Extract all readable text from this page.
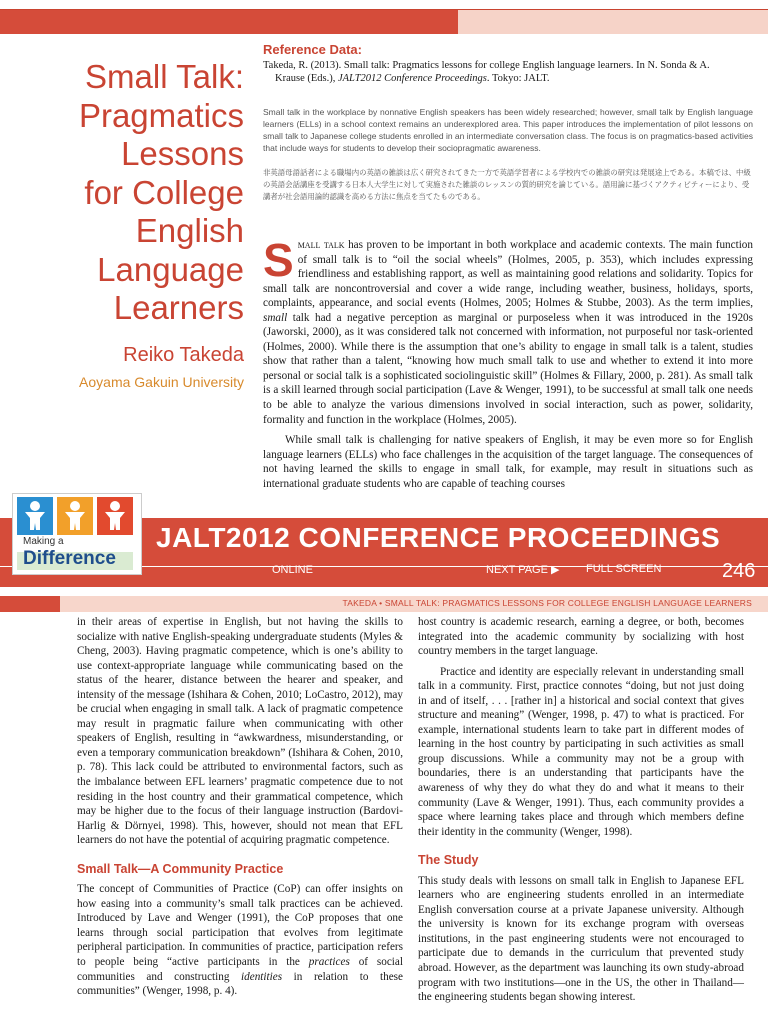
Small Talk:
Pragmatics
Lessons
for College
English
Language
Learners
Reiko Takeda
Aoyama Gakuin University
Reference Data:
Takeda, R. (2013). Small talk: Pragmatics lessons for college English language learners. In N. Sonda & A.
Krause (Eds.), JALT2012 Conference Proceedings. Tokyo: JALT.
Small talk in the workplace by nonnative English speakers has been widely researched; however, small talk by English language learners (ELLs) in a school context remains an underexplored area. This paper introduces the implementation of pilot lessons on small talk to Japanese college students enrolled in an intermediate conversation class. The focus is on pragmatics-based activities that include ways for students to develop their sociopragmatic awareness.
非英語母語話者による職場内の英語の雑談は広く研究されてきた一方で英語学習者による学校内での雑談の研究は発展途上である。本稿では、中級の英語会話講座を受講する日本人大学生に対して実施された雑談のレッスンの質的研究を論じている。語用論に基づくアクティビティーにより、受講者が社会語用論的認識を高める方法に焦点を当てたものである。

Small talk has proven to be important in both workplace and academic contexts. The main function of small talk is to “oil the social wheels” (Holmes, 2005, p. 353), which includes expressing friendliness and establishing rapport, as well as maintaining good relations and solidarity. Topics for small talk are noncontroversial and cover a wide range, including weather, business, holidays, sports, complaints, appearance, and social events (Holmes, 2005; Holmes & Stubbe, 2003). As the term implies, small talk had a negative perception as marginal or purposeless when it was introduced in the 1920s (Jaworski, 2000), as it was considered talk not concerned with information, not purposeful nor task-oriented (Holmes, 2000). While there is the assumption that one’s ability to engage in small talk is a talent, studies show that rather than a talent, “knowing how much small talk to use and whether to extend it into more personal or social talk is a sophisticated sociolinguistic skill” (Holmes & Fillary, 2000, p. 281). As small talk is a skill learned through social participation (Lave & Wenger, 1991), to be successful at small talk one needs to be able to analyze the various dimensions involved in social interaction, such as power, solidarity, formality and function in the workplace (Holmes, 2005).

While small talk is challenging for native speakers of English, it may be even more so for English language learners (ELLs) who face challenges in the acquisition of the target language. The consequences of not having learned the skills to engage in small talk, for example, may result in situations such as international graduate students who are capable of teaching courses

Making a
Difference
JALT2012 CONFERENCE PROCEEDINGS
ONLINE	NEXT PAGE ▶ FULL SCREEN	246
TAKEDA • SMALL TALK: PRAGMATICS LESSONS FOR COLLEGE ENGLISH LANGUAGE LEARNERS

in their areas of expertise in English, but not having the skills to socialize with native English-speaking undergraduate students (Myles & Cheng, 2003). Having pragmatic competence, which is one’s ability to use context-appropriate language while communicating based on the status of the hearer, distance between the hearer and speaker, and intensity of the message (Ishihara & Cohen, 2010; LoCastro, 2012), may be crucial when engaging in small talk. A lack of pragmatic competence may result in pragmatic failure when communicating with other speakers of English, resulting in “awkwardness, misunderstanding, or even a temporary communication breakdown” (Ishihara & Cohen, 2010, p. 78). This lack could be attributed to environmental factors, such as the imbalance between EFL learners’ pragmatic competence due to not residing in the host country and their grammatical competence, which may be higher due to the focus of their language instruction (Bardovi-Harlig & Dörnyei, 1998). This, however, should not mean that EFL learners do not have the potential of acquiring pragmatic competence.

Small Talk—A Community Practice

The concept of Communities of Practice (CoP) can offer insights on how easing into a community’s small talk practices can be achieved. Introduced by Lave and Wenger (1991), the CoP proposes that one learns through social participation that evolves from legitimate peripheral participation. In communities of practice, participation refers to people being “active participants in the practices of social communities and constructing identities in relation to these communities” (Wenger, 1998, p. 4).

host country is academic research, earning a degree, or both, becomes integrated into the academic community by socializing with host country members in the target language.

Practice and identity are especially relevant in understanding small talk in a community. First, practice connotes “doing, but not just doing in and of itself, . . . [rather in] a historical and social context that gives structure and meaning” (Wenger, 1998, p. 47) to what is practiced. For example, international students learn to take part in different modes of learning in the host country by participating in such activities as small group discussions. While a community may not be a group with boundaries, there is an understanding that participants have the awareness of why they do what they do and what it means to their community (Lave & Wenger, 1991). Thus, each community provides a space where learning takes place and through which members define their identity in the community (Wenger, 1998).

The Study

This study deals with lessons on small talk in English to Japanese EFL learners who are engineering students enrolled in an intermediate English conversation course at a private Japanese university. Although the university is known for its exchange program with overseas institutions, in the past engineering students were not encouraged to participate due to demands in the curriculum that prevented study abroad. However, as the department was launching its own study-abroad program with two institutions—one in the US, the other in Thailand—the engineering students began showing interest.
